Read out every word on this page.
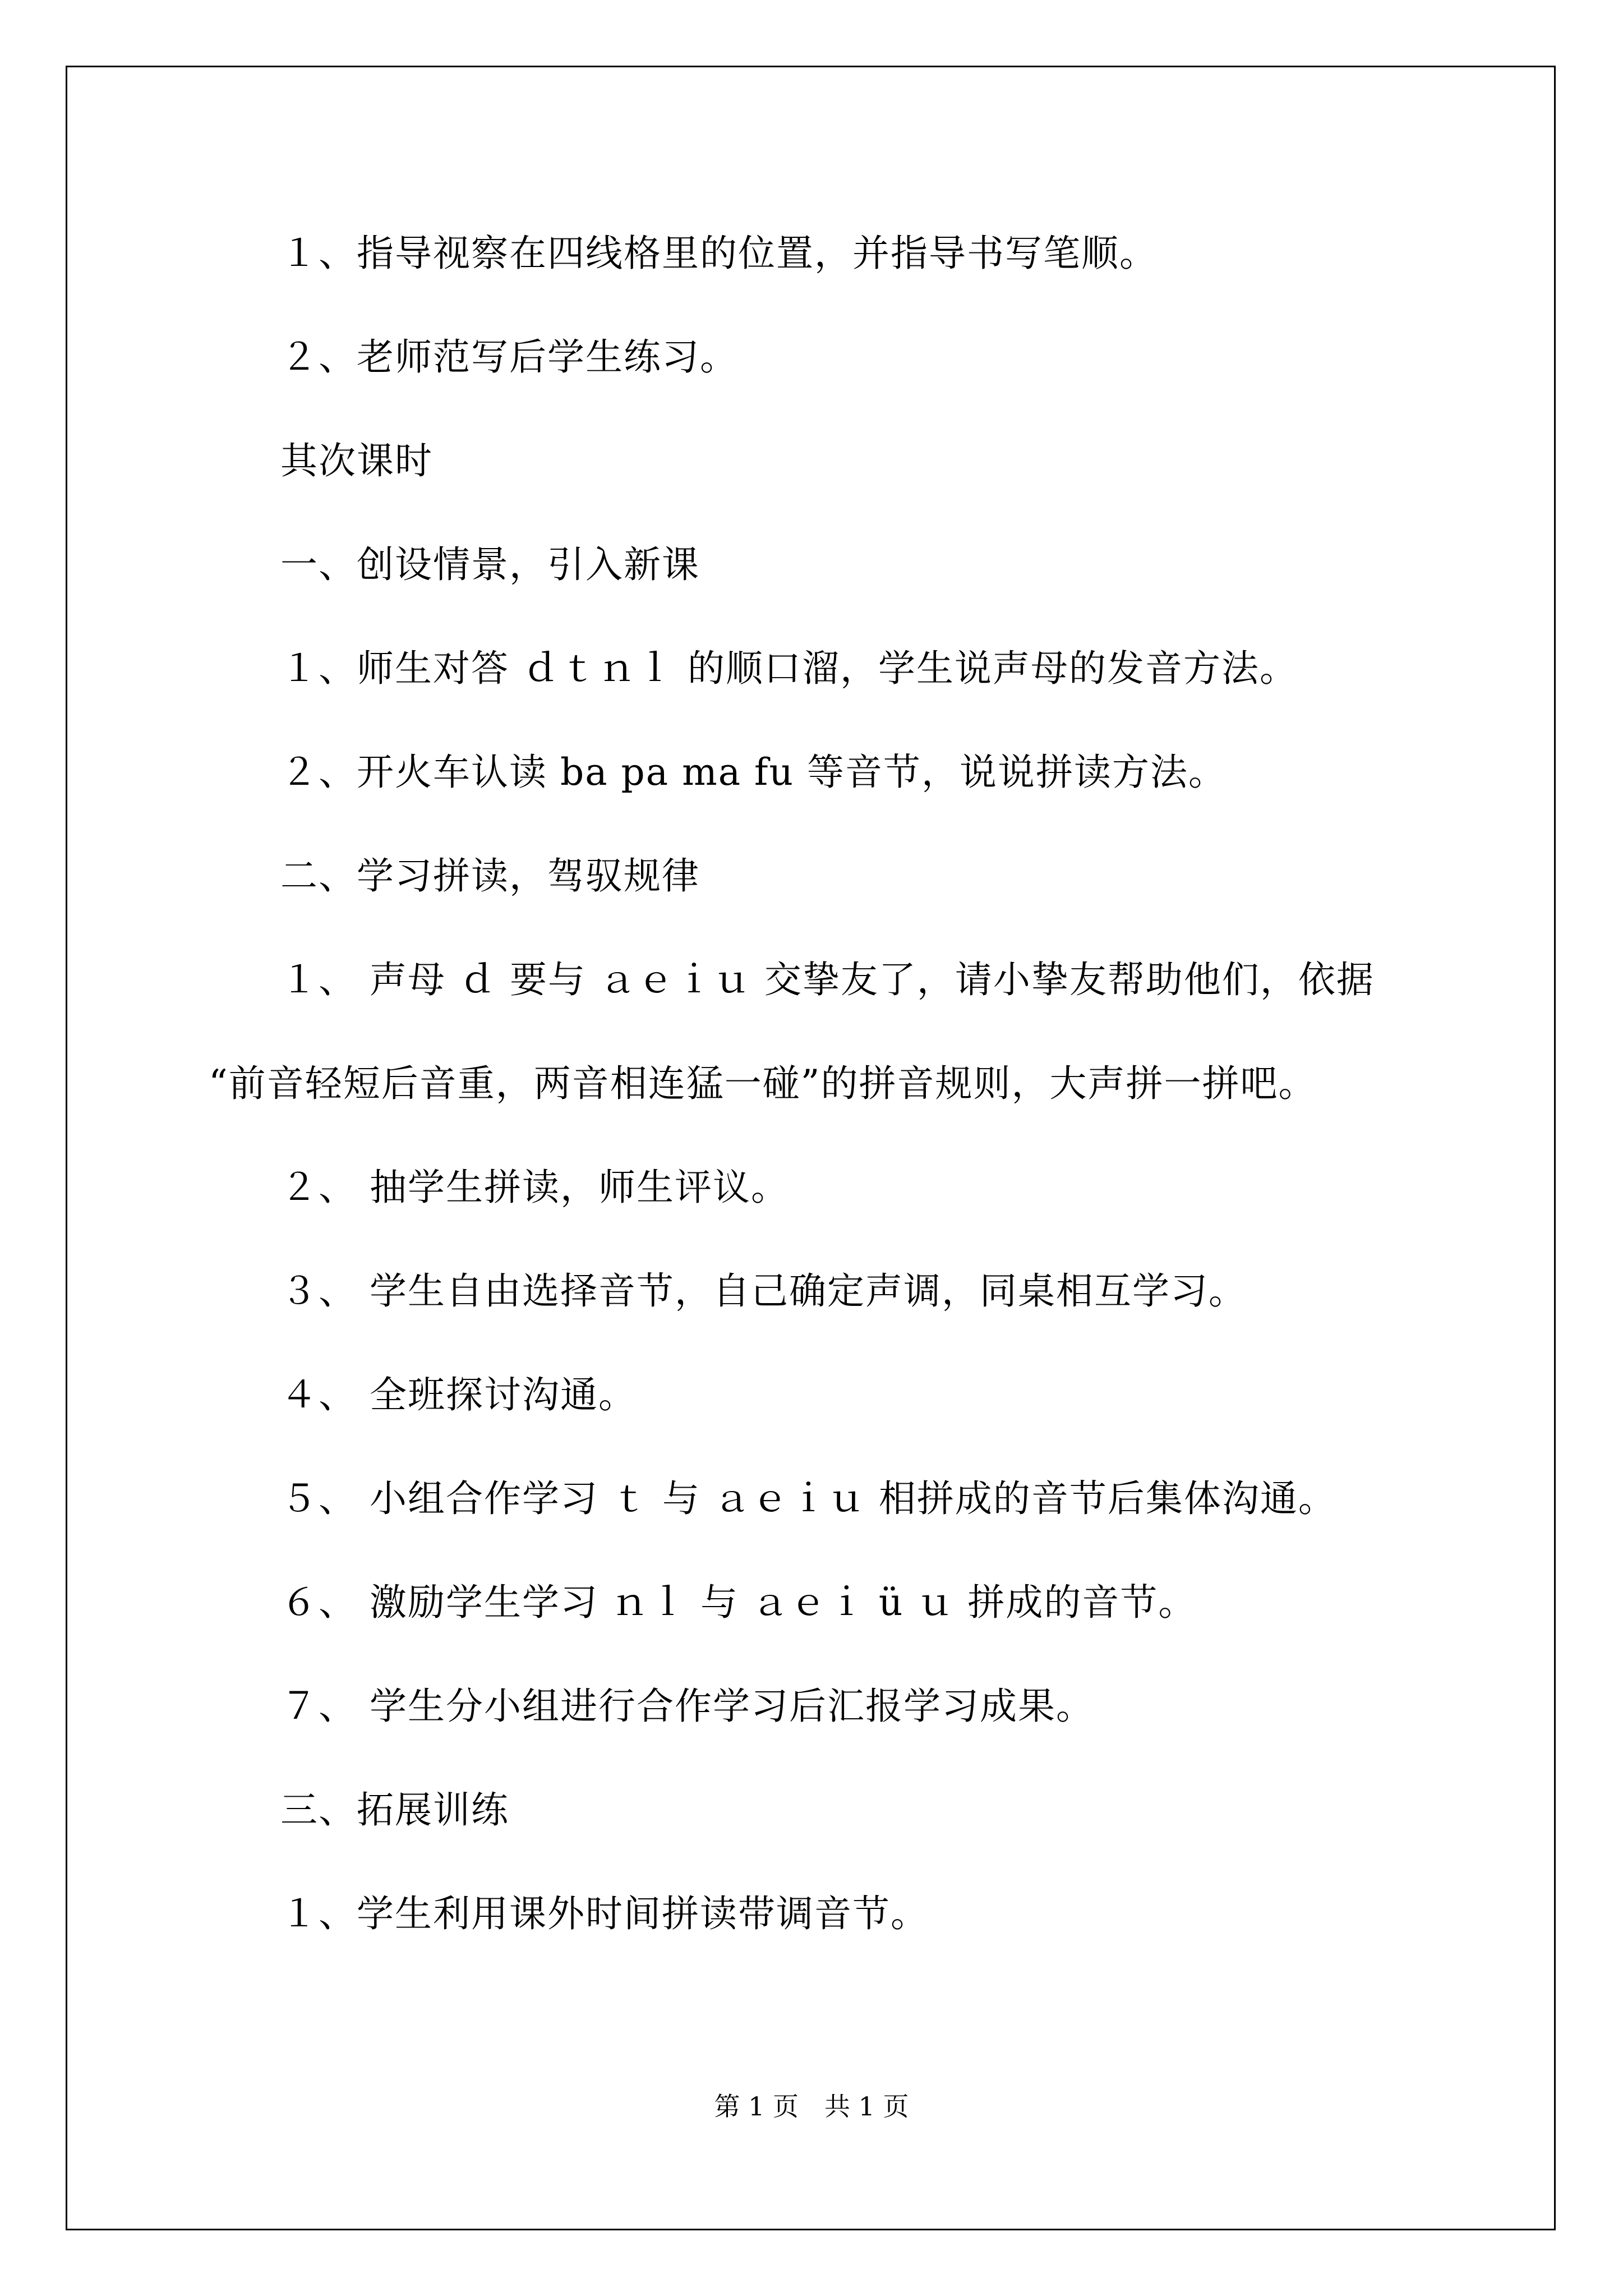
１、指导视察在四线格里的位置，并指导书写笔顺。
２、老师范写后学生练习。
其次课时
一、创设情景，引入新课
１、师生对答 ｄｔｎｌ 的顺口溜，学生说声母的发音方法。
２、开火车认读 ba pa ma fu 等音节，说说拼读方法。
二、学习拼读，驾驭规律
１、 声母 ｄ 要与 ａｅｉｕ 交挚友了，请小挚友帮助他们，依据
“前音轻短后音重，两音相连猛一碰”的拼音规则，大声拼一拼吧。
２、 抽学生拼读，师生评议。
３、 学生自由选择音节，自己确定声调，同桌相互学习。
４、 全班探讨沟通。
５、 小组合作学习 ｔ 与 ａｅｉｕ 相拼成的音节后集体沟通。
６、 激励学生学习 ｎｌ 与 ａｅｉ ü ｕ 拼成的音节。
７、 学生分小组进行合作学习后汇报学习成果。
三、拓展训练
１、学生利用课外时间拼读带调音节。
第 1 页　共 1 页
